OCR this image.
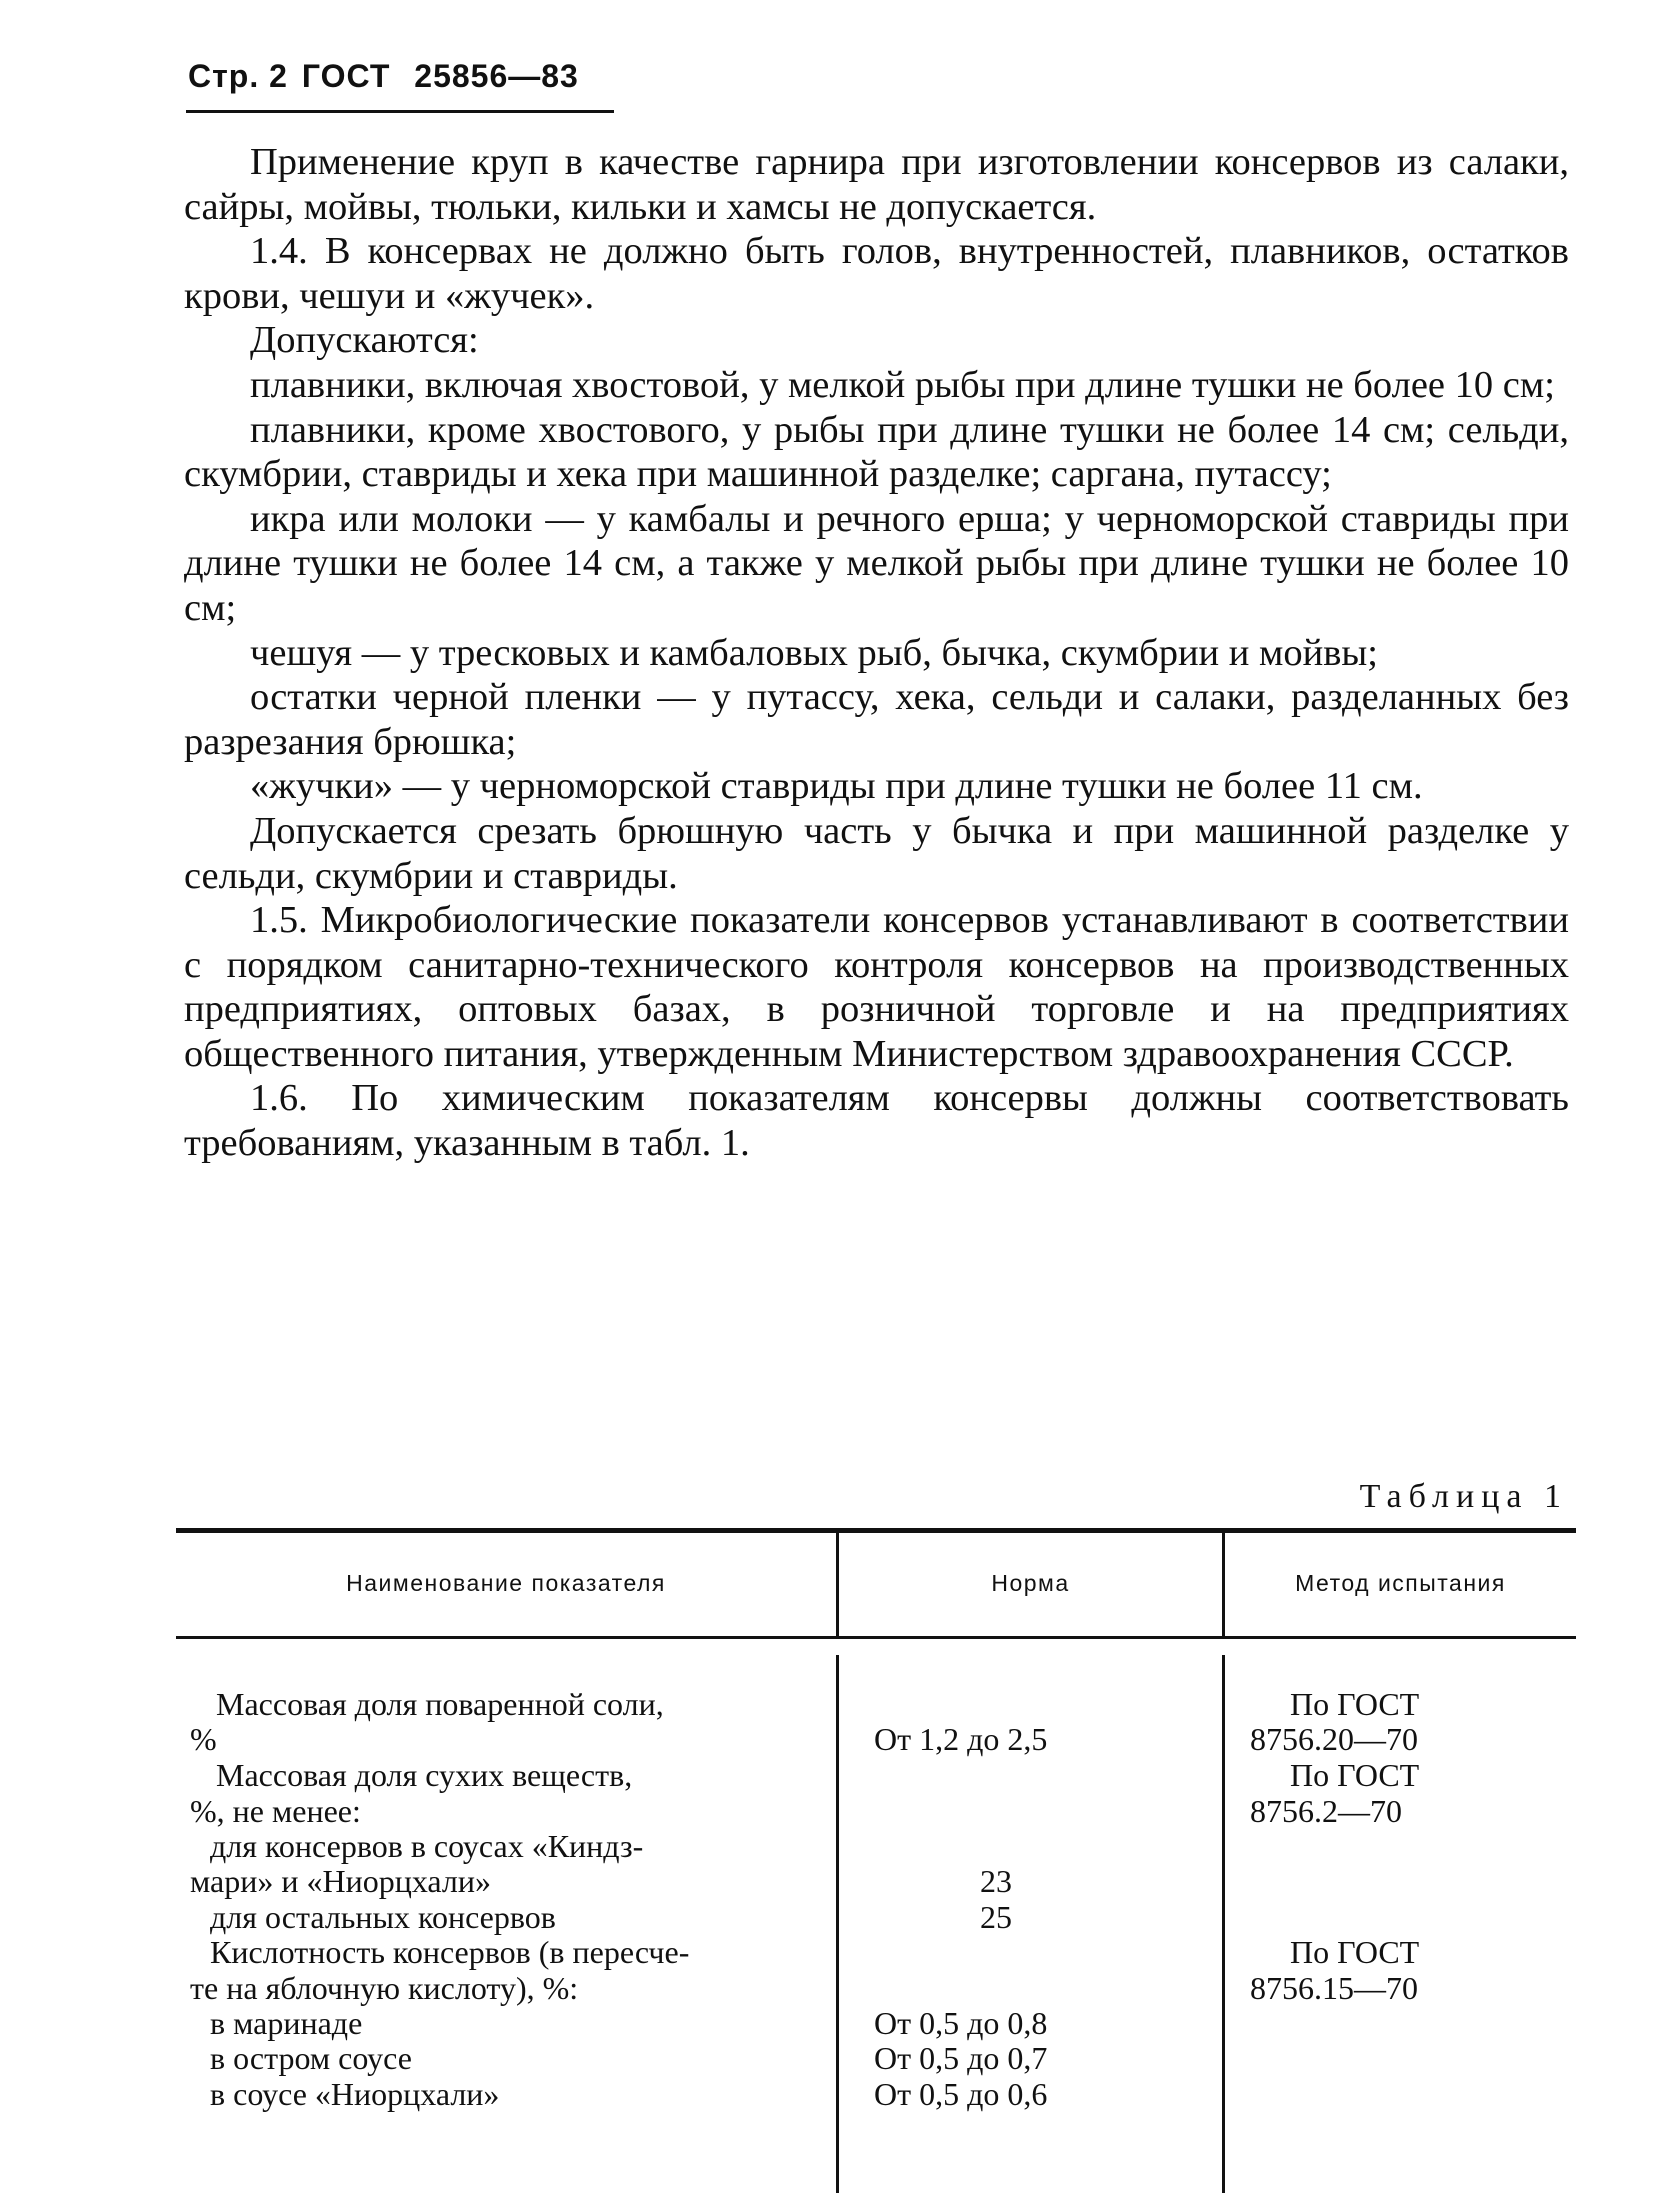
Стр. 2 ГОСТ 25856—83

Применение круп в качестве гарнира при изготовлении консервов из салаки, сайры, мойвы, тюльки, кильки и хамсы не допускается.

1.4. В консервах не должно быть голов, внутренностей, плавников, остатков крови, чешуи и «жучек».

Допускаются:

плавники, включая хвостовой, у мелкой рыбы при длине тушки не более 10 см;

плавники, кроме хвостового, у рыбы при длине тушки не более 14 см; сельди, скумбрии, ставриды и хека при машинной разделке; саргана, путассу;

икра или молоки — у камбалы и речного ерша; у черноморской ставриды при длине тушки не более 14 см, а также у мелкой рыбы при длине тушки не более 10 см;

чешуя — у тресковых и камбаловых рыб, бычка, скумбрии и мойвы;

остатки черной пленки — у путассу, хека, сельди и салаки, разделанных без разрезания брюшка;

«жучки» — у черноморской ставриды при длине тушки не более 11 см.

Допускается срезать брюшную часть у бычка и при машинной разделке у сельди, скумбрии и ставриды.

1.5. Микробиологические показатели консервов устанавливают в соответствии с порядком санитарно-технического контроля консервов на производственных предприятиях, оптовых базах, в розничной торговле и на предприятиях общественного питания, утвержденным Министерством здравоохранения СССР.

1.6. По химическим показателям консервы должны соответствовать требованиям, указанным в табл. 1.

Таблица 1
Наименование показателя	Норма	Метод испытания
Массовая доля поваренной соли,
%
Массовая доля сухих веществ,
%, не менее:
для консервов в соусах «Киндз-
мари» и «Ниорцхали»
для остальных консервов
Кислотность консервов (в пересче-
те на яблочную кислоту), %:
в маринаде
в остром соусе
в соусе «Ниорцхали»
От 1,2 до 2,5
23
25
От 0,5 до 0,8
От 0,5 до 0,7
От 0,5 до 0,6
По ГОСТ
8756.20—70
По ГОСТ
8756.2—70
По ГОСТ
8756.15—70
